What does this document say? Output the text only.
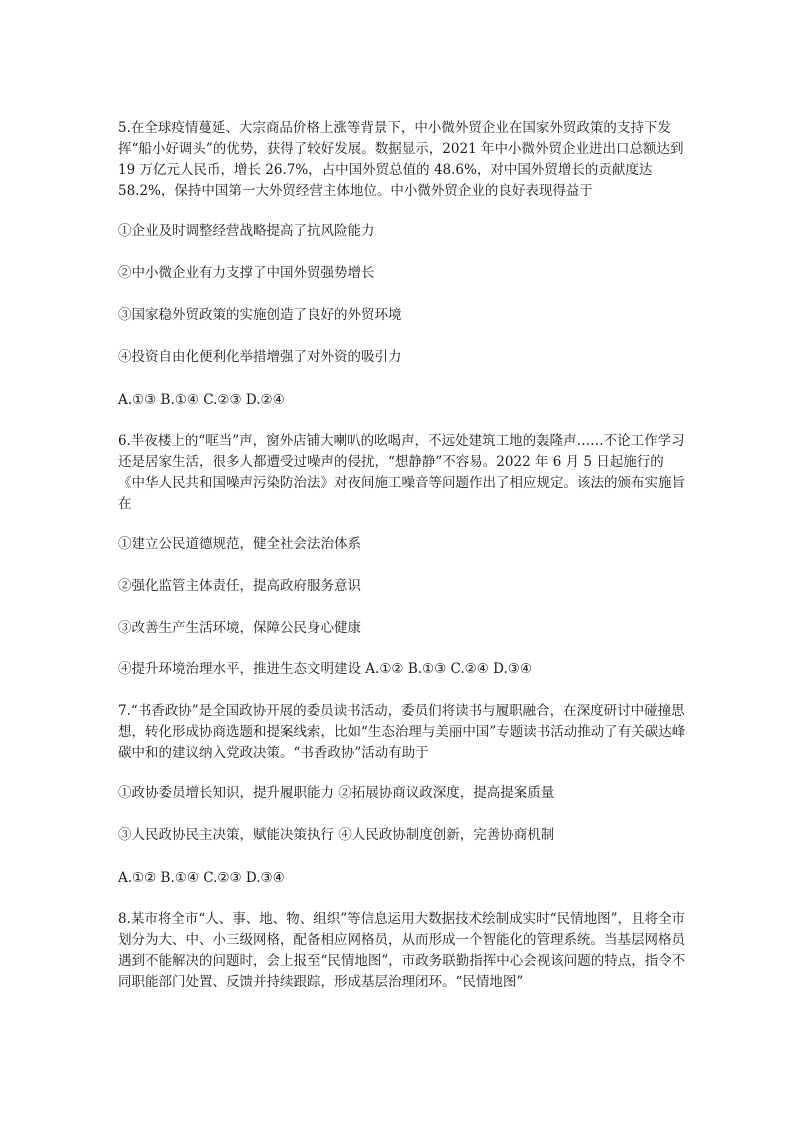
5.在全球疫情蔓延、大宗商品价格上涨等背景下，中小微外贸企业在国家外贸政策的支持下发挥“船小好调头”的优势，获得了较好发展。数据显示，2021 年中小微外贸企业进出口总额达到 19 万亿元人民币，增长 26.7%，占中国外贸总值的 48.6%，对中国外贸增长的贡献度达 58.2%，保持中国第一大外贸经营主体地位。中小微外贸企业的良好表现得益于
①企业及时调整经营战略提高了抗风险能力
②中小微企业有力支撑了中国外贸强势增长
③国家稳外贸政策的实施创造了良好的外贸环境
④投资自由化便利化举措增强了对外资的吸引力
A.①③ B.①④ C.②③ D.②④
6.半夜楼上的“哐当”声，窗外店铺大喇叭的吆喝声，不远处建筑工地的轰隆声……不论工作学习还是居家生活，很多人都遭受过噪声的侵扰，“想静静”不容易。2022 年 6 月 5 日起施行的《中华人民共和国噪声污染防治法》对夜间施工噪音等问题作出了相应规定。该法的颁布实施旨在
①建立公民道德规范，健全社会法治体系
②强化监管主体责任，提高政府服务意识
③改善生产生活环境，保障公民身心健康
④提升环境治理水平，推进生态文明建设 A.①② B.①③ C.②④ D.③④
7.“书香政协”是全国政协开展的委员读书活动，委员们将读书与履职融合，在深度研讨中碰撞思想，转化形成协商选题和提案线索，比如“生态治理与美丽中国”专题读书活动推动了有关碳达峰碳中和的建议纳入党政决策。“书香政协”活动有助于
①政协委员增长知识，提升履职能力 ②拓展协商议政深度，提高提案质量
③人民政协民主决策，赋能决策执行 ④人民政协制度创新，完善协商机制
A.①② B.①④ C.②③ D.③④
8.某市将全市“人、事、地、物、组织”等信息运用大数据技术绘制成实时“民情地图”，且将全市划分为大、中、小三级网格，配备相应网格员，从而形成一个智能化的管理系统。当基层网格员遇到不能解决的问题时，会上报至“民情地图”，市政务联勤指挥中心会视该问题的特点，指令不同职能部门处置、反馈并持续跟踪，形成基层治理闭环。“民情地图”
